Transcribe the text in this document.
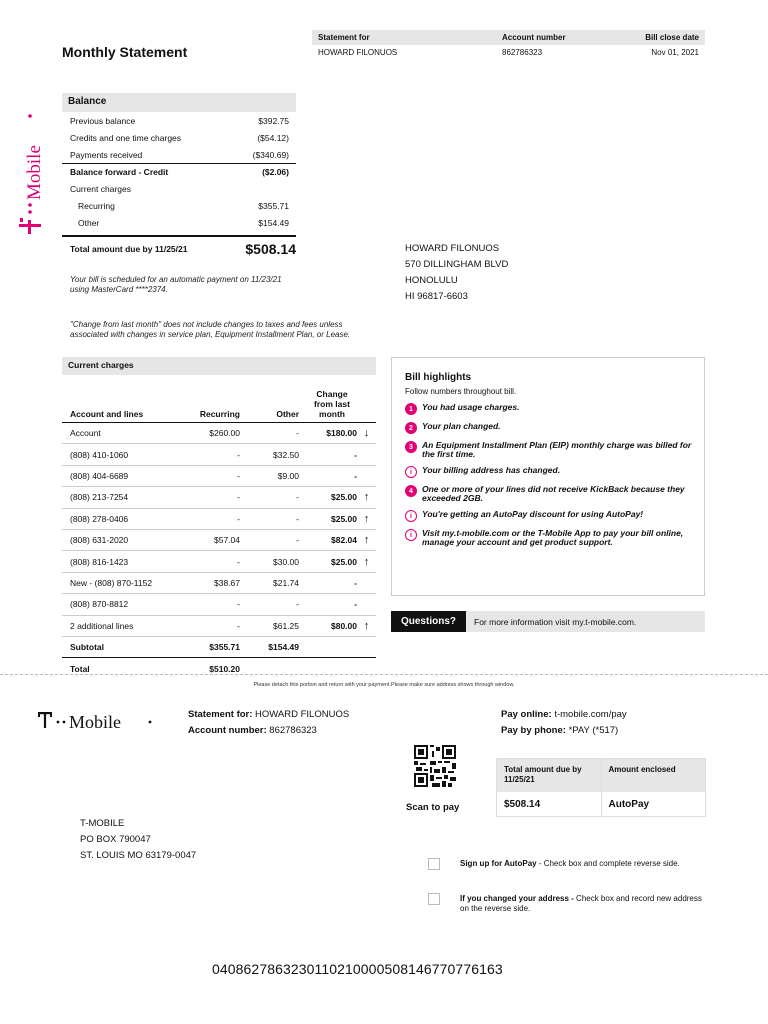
Mobile
Monthly Statement
Statement for	Account number	Bill close date
HOWARD FILONUOS	862786323	Nov 01, 2021
Balance
Previous balance	$392.75
Credits and one time charges	($54.12)
Payments received	($340.69)
Balance forward - Credit	($2.06)
Current charges
Recurring	$355.71
Other	$154.49
Total amount due by 11/25/21	$508.14
Your bill is scheduled for an automatic payment on 11/23/21 using MasterCard ****2374.
"Change from last month" does not include changes to taxes and fees unless associated with changes in service plan, Equipment Installment Plan, or Lease.
HOWARD FILONUOS
570 DILLINGHAM BLVD
HONOLULU
HI 96817-6603
Current charges
Account and lines	Recurring	Other
Change from last month
Account	$260.00	-	$180.00 ↓
(808) 410-1060	-	$32.50	-
(808) 404-6689	-	$9.00	-
(808) 213-7254	-	-	$25.00 ↑
(808) 278-0406	-	-	$25.00 ↑
(808) 631-2020	$57.04	-	$82.04 ↑
(808) 816-1423	-	$30.00	$25.00 ↑
New - (808) 870-1152	$38.67	$21.74	-
(808) 870-8812	-	-	-
2 additional lines	-	$61.25	$80.00 ↑
Subtotal	$355.71	$154.49
Total	$510.20
Bill highlights
Follow numbers throughout bill.
1	You had usage charges.
2	Your plan changed.
3	An Equipment Installment Plan (EIP) monthly charge was billed for the first time.
i	Your billing address has changed.
4	One or more of your lines did not receive KickBack because they exceeded 2GB.
i	You're getting an AutoPay discount for using AutoPay!
i	Visit my.t-mobile.com or the T-Mobile App to pay your bill online, manage your account and get product support.
Questions?	For more information visit my.t-mobile.com.
Please detach this portion and return with your payment.Please make sure address shows through window.
Mobile	Statement for: HOWARD FILONUOS
Account number: 862786323
Pay online: t-mobile.com/pay
Pay by phone: *PAY (*517)
Scan to pay
Total amount due by 11/25/21
$508.14
Amount enclosed
AutoPay
T-MOBILE
PO BOX 790047
ST. LOUIS MO 63179-0047
Sign up for AutoPay - Check box and complete reverse side.
If you changed your address - Check box and record new address on the reverse side.
0408627863230110210000508146770776163
